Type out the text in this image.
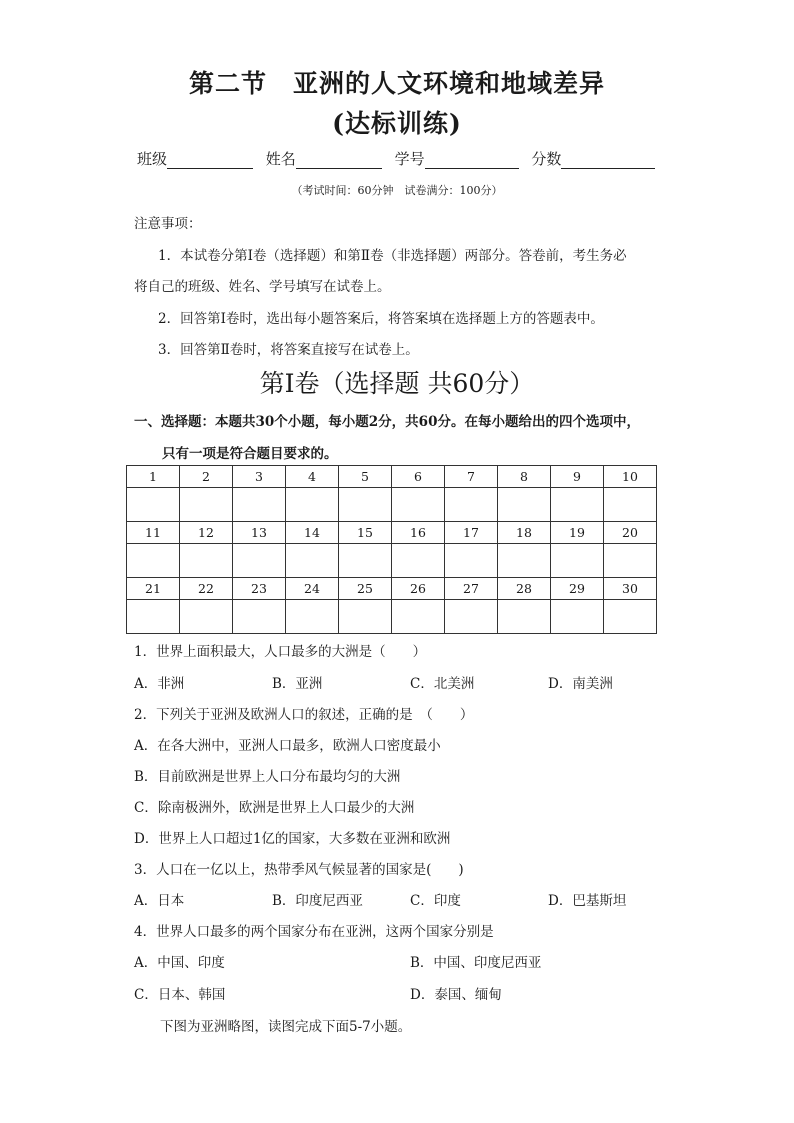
第二节　亚洲的人文环境和地域差异
(达标训练)
班级	姓名	学号	分数
（考试时间：60分钟　试卷满分：100分）
注意事项：
1．本试卷分第Ⅰ卷（选择题）和第Ⅱ卷（非选择题）两部分。答卷前，考生务必
将自己的班级、姓名、学号填写在试卷上。
2．回答第Ⅰ卷时，选出每小题答案后，将答案填在选择题上方的答题表中。
3．回答第Ⅱ卷时，将答案直接写在试卷上。
第Ⅰ卷（选择题 共60分）
一、选择题：本题共30个小题，每小题2分，共60分。在每小题给出的四个选项中，
只有一项是符合题目要求的。
1	2	3	4	5	6	7	8	9	10

11	12	13	14	15	16	17	18	19	20

21	22	23	24	25	26	27	28	29	30

1．世界上面积最大，人口最多的大洲是（　　）
A．非洲	B．亚洲	C．北美洲	D．南美洲
2．下列关于亚洲及欧洲人口的叙述，正确的是　（　　）
A．在各大洲中，亚洲人口最多，欧洲人口密度最小
B．目前欧洲是世界上人口分布最均匀的大洲
C．除南极洲外，欧洲是世界上人口最少的大洲
D．世界上人口超过1亿的国家，大多数在亚洲和欧洲
3．人口在一亿以上，热带季风气候显著的国家是(　　)
A．日本	B．印度尼西亚	C．印度	D．巴基斯坦
4．世界人口最多的两个国家分布在亚洲，这两个国家分别是
A．中国、印度	B．中国、印度尼西亚
C．日本、韩国	D．泰国、缅甸
下图为亚洲略图，读图完成下面5-7小题。
